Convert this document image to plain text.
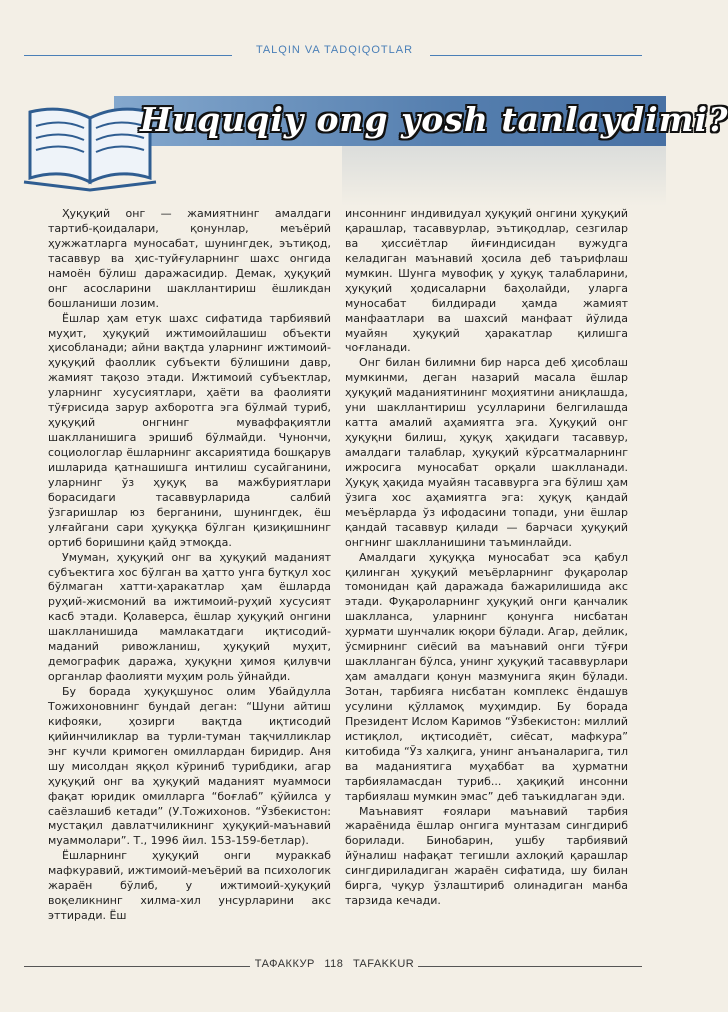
TALQIN VA TADQIQOTLAR
Huquqiy ong yosh tanlaydimi?

Ҳуқуқий онг — жамиятнинг амалдаги тартиб-қоидалари, қонунлар, меъёрий ҳужжатларга муносабат, шунингдек, эътиқод, тасаввур ва ҳис-туйғуларнинг шахс онгида намоён бўлиш даражасидир. Демак, ҳуқуқий онг асосларини шакллантириш ёшликдан бошланиши лозим.

Ёшлар ҳам етук шахс сифатида тарбиявий муҳит, ҳуқуқий ижтимоийлашиш объекти ҳисобланади; айни вақтда уларнинг ижтимоий-ҳуқуқий фаоллик субъекти бўлишини давр, жамият тақозо этади. Ижтимоий субъектлар, уларнинг хусусиятлари, ҳаёти ва фаолияти тўғрисида зарур ахборотга эга бўлмай туриб, ҳуқуқий онгнинг муваффақиятли шаклланишига эришиб бўлмайди. Чунончи, социологлар ёшларнинг аксариятида бошқарув ишларида қатнашишга интилиш сусайганини, уларнинг ўз ҳуқуқ ва мажбуриятлари борасидаги тасаввурларида салбий ўзгаришлар юз берганини, шунингдек, ёш улғайгани сари ҳуқуққа бўлган қизиқишнинг ортиб боришини қайд этмоқда.

Умуман, ҳуқуқий онг ва ҳуқуқий маданият субъектига хос бўлган ва ҳатто унга бутқул хос бўлмаган хатти-ҳаракатлар ҳам ёшларда руҳий-жисмоний ва ижтимоий-руҳий хусусият касб этади. Қолаверса, ёшлар ҳуқуқий онгини шаклланишида мамлакатдаги иқтисодий-маданий ривожланиш, ҳуқуқий муҳит, демографик даража, ҳуқуқни ҳимоя қилувчи органлар фаолияти муҳим роль ўйнайди.

Бу борада ҳуқуқшунос олим Убайдулла Тожихоновнинг бундай деган: “Шуни айтиш кифояки, ҳозирги вақтда иқтисодий қийинчиликлар ва турли-туман тақчилликлар энг кучли кримоген омиллардан биридир. Аня шу мисолдан яққол кўриниб турибдики, агар ҳуқуқий онг ва ҳуқуқий маданият муаммоси фақат юридик омилларга “боғлаб” қўйилса у саёзлашиб кетади” (У.Тожихонов. “Ўзбекистон: мустақил давлатчиликнинг ҳуқуқий-маънавий муаммолари”. Т., 1996 йил. 153-159-бетлар).

Ёшларнинг ҳуқуқий онги мураккаб мафкуравий, ижтимоий-меъёрий ва психологик жараён бўлиб, у ижтимоий-ҳуқуқий воқеликнинг хилма-хил унсурларини акс эттиради. Ёш

инсоннинг индивидуал ҳуқуқий онгини ҳуқуқий қарашлар, тасаввурлар, эътиқодлар, сезгилар ва ҳиссиётлар йиғиндисидан вужудга келадиган маънавий ҳосила деб таърифлаш мумкин. Шунга мувофиқ у ҳуқуқ талабларини, ҳуқуқий ҳодисаларни баҳолайди, уларга муносабат билдиради ҳамда жамият манфаатлари ва шахсий манфаат йўлида муайян ҳуқуқий ҳаракатлар қилишга чоғланади.

Онг билан билимни бир нарса деб ҳисоблаш мумкинми, деган назарий масала ёшлар ҳуқуқий маданиятининг моҳиятини аниқлашда, уни шакллантириш усулларини белгилашда катта амалий аҳамиятга эга. Ҳуқуқий онг ҳуқуқни билиш, ҳуқуқ ҳақидаги тасаввур, амалдаги талаблар, ҳуқуқий кўрсатмаларнинг ижросига муносабат орқали шаклланади. Ҳуқуқ ҳақида муайян тасаввурга эга бўлиш ҳам ўзига хос аҳамиятга эга: ҳуқуқ қандай меъёрларда ўз ифодасини топади, уни ёшлар қандай тасаввур қилади — барчаси ҳуқуқий онгнинг шаклланишини таъминлайди.

Амалдаги ҳуқуққа муносабат эса қабул қилинган ҳуқуқий меъёрларнинг фуқаролар томонидан қай даражада бажарилишида акс этади. Фуқароларнинг ҳуқуқий онги қанчалик шаклланса, уларнинг қонунга нисбатан ҳурмати шунчалик юқори бўлади. Агар, дейлик, ўсмирнинг сиёсий ва маънавий онги тўғри шаклланган бўлса, унинг ҳуқуқий тасаввурлари ҳам амалдаги қонун мазмунига яқин бўлади. Зотан, тарбияга нисбатан комплекс ёндашув усулини қўлламоқ муҳимдир. Бу борада Президент Ислом Каримов “Ўзбекистон: миллий истиқлол, иқтисодиёт, сиёсат, мафкура” китобида “Ўз халқига, унинг анъаналарига, тил ва маданиятига муҳаббат ва ҳурматни тарбияламасдан туриб... ҳақиқий инсонни тарбиялаш мумкин эмас” деб таъкидлаган эди.

Маънавият ғоялари маънавий тарбия жараёнида ёшлар онгига мунтазам сингдириб борилади. Бинобарин, ушбу тарбиявий йўналиш нафақат тегишли ахлоқий қарашлар сингдириладиган жараён сифатида, шу билан бирга, чуқур ўзлаштириб олинадиган манба тарзида кечади.

ТАФАККУР 118 TAFAKKUR
